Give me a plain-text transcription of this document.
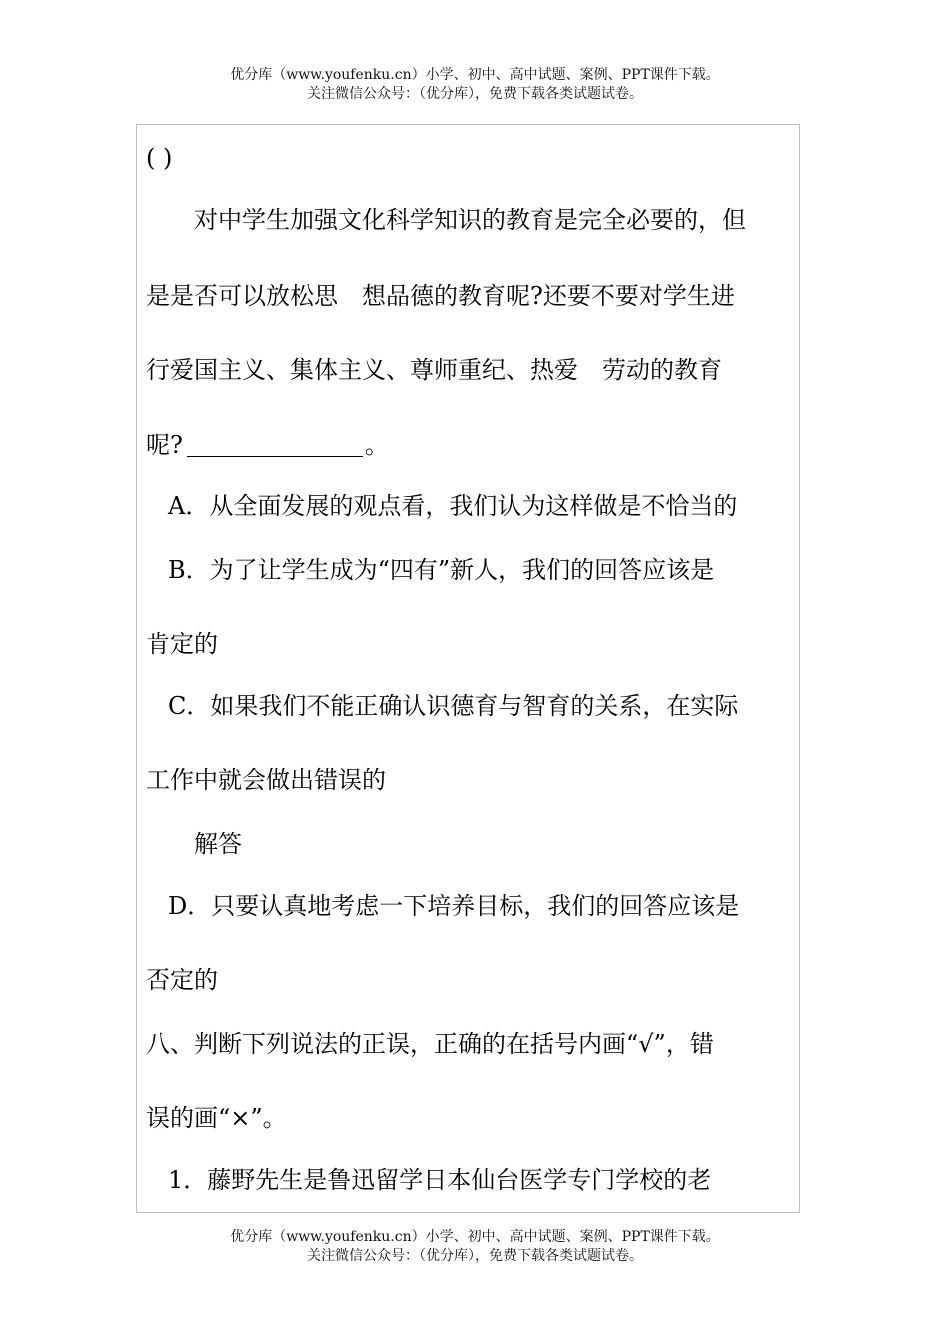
优分库（www.youfenku.cn）小学、初中、高中试题、案例、PPT课件下载。
关注微信公众号：（优分库），免费下载各类试题试卷。
( )
对中学生加强文化科学知识的教育是完全必要的，但
是是否可以放松思　想品德的教育呢?还要不要对学生进
行爱国主义、集体主义、尊师重纪、热爱　劳动的教育
呢?	。
A．从全面发展的观点看，我们认为这样做是不恰当的
B．为了让学生成为“四有”新人，我们的回答应该是
肯定的
C．如果我们不能正确认识德育与智育的关系，在实际
工作中就会做出错误的
解答
D．只要认真地考虑一下培养目标，我们的回答应该是
否定的
八、判断下列说法的正误，正确的在括号内画“√”，错
误的画“×”。
1．藤野先生是鲁迅留学日本仙台医学专门学校的老
优分库（www.youfenku.cn）小学、初中、高中试题、案例、PPT课件下载。
关注微信公众号：（优分库），免费下载各类试题试卷。
